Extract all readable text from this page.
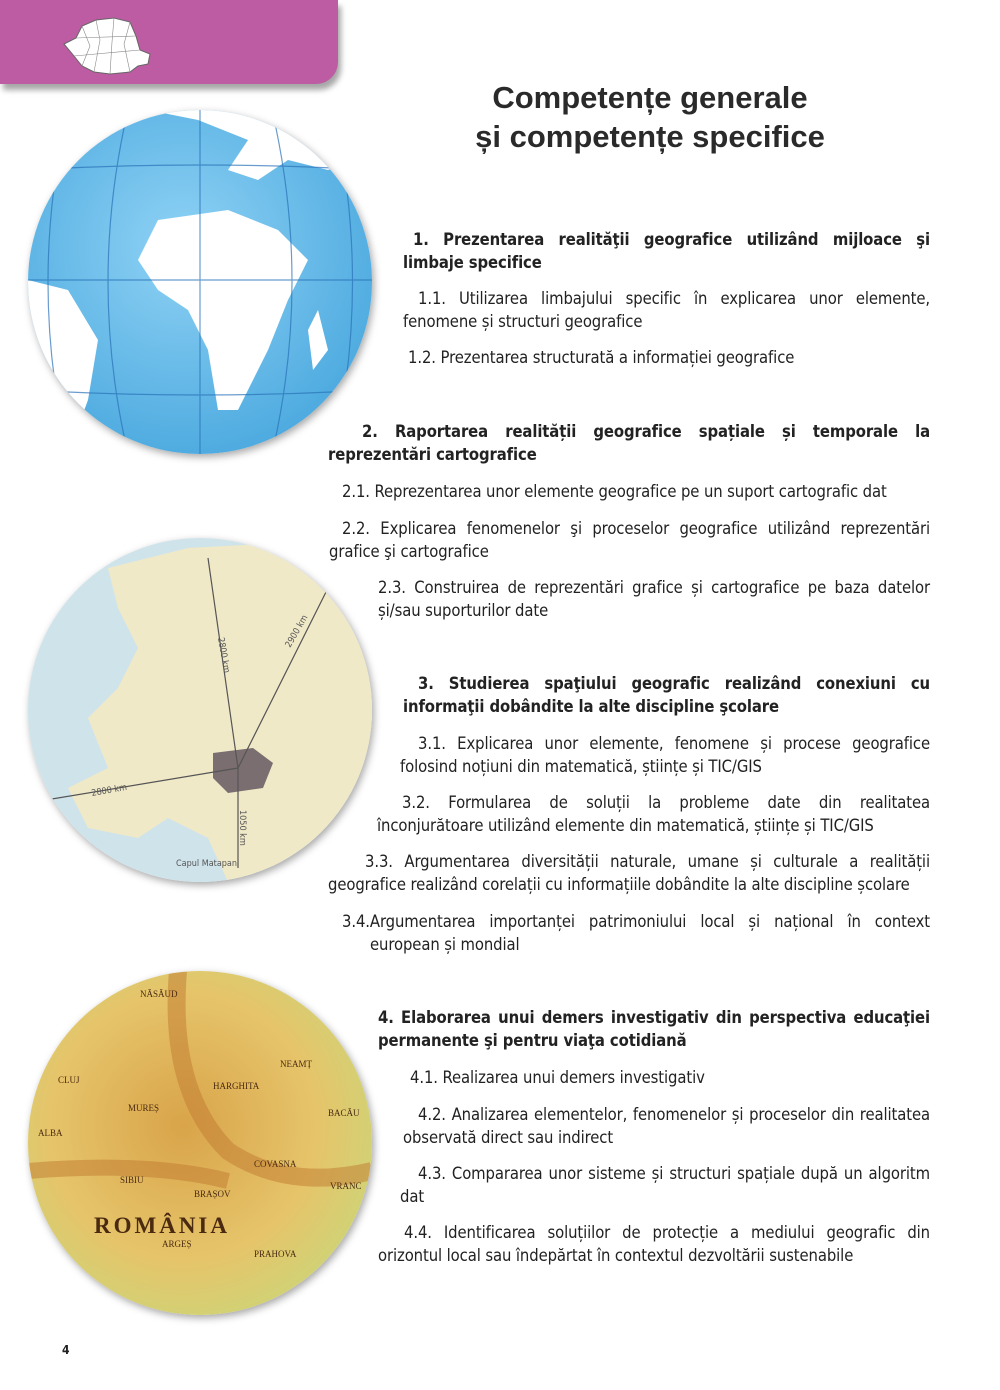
Competențe generale
și competențe specifice
2800 km
2900 km
2800 km
1050 km
Capul Matapan
NĂSĂUD
CLUJ
MUREȘ
HARGHITA
NEAMȚ
BACĂU
ALBA
COVASNA
SIBIU
BRAȘOV
ROMÂNIA
ARGEȘ
PRAHOVA
VRANC
1. Prezentarea realităţii geografice utilizând mijloace şi limbaje specifice
1.1. Utilizarea limbajului specific în explicarea unor elemente, fenomene și structuri geografice
1.2. Prezentarea structurată a informației geografice
2. Raportarea realității geografice spațiale și temporale la reprezentări cartografice
2.1. Reprezentarea unor elemente geografice pe un suport cartografic dat
2.2. Explicarea fenomenelor şi proceselor geografice utilizând reprezentări grafice şi cartografice
2.3. Construirea de reprezentări grafice și cartografice pe baza datelor și/sau suporturilor date
3. Studierea spaţiului geografic realizând conexiuni cu informaţii dobândite la alte discipline şcolare
3.1. Explicarea unor elemente, fenomene și procese geografice folosind noțiuni din matematică, științe și TIC/GIS
3.2. Formularea de soluții la probleme date din realitatea înconjurătoare utilizând elemente din matematică, științe și TIC/GIS
3.3. Argumentarea diversității naturale, umane și culturale a realității geografice realizând corelații cu informațiile dobândite la alte discipline școlare
3.4.Argumentarea importanței patrimoniului local și național în context european și mondial
4. Elaborarea unui demers investigativ din perspectiva educaţiei permanente şi pentru viaţa cotidiană
4.1. Realizarea unui demers investigativ
4.2. Analizarea elementelor, fenomenelor și proceselor din realitatea observată direct sau indirect
4.3. Compararea unor sisteme și structuri spațiale după un algoritm dat
4.4. Identificarea soluțiilor de protecție a mediului geografic din orizontul local sau îndepărtat în contextul dezvoltării sustenabile
4
